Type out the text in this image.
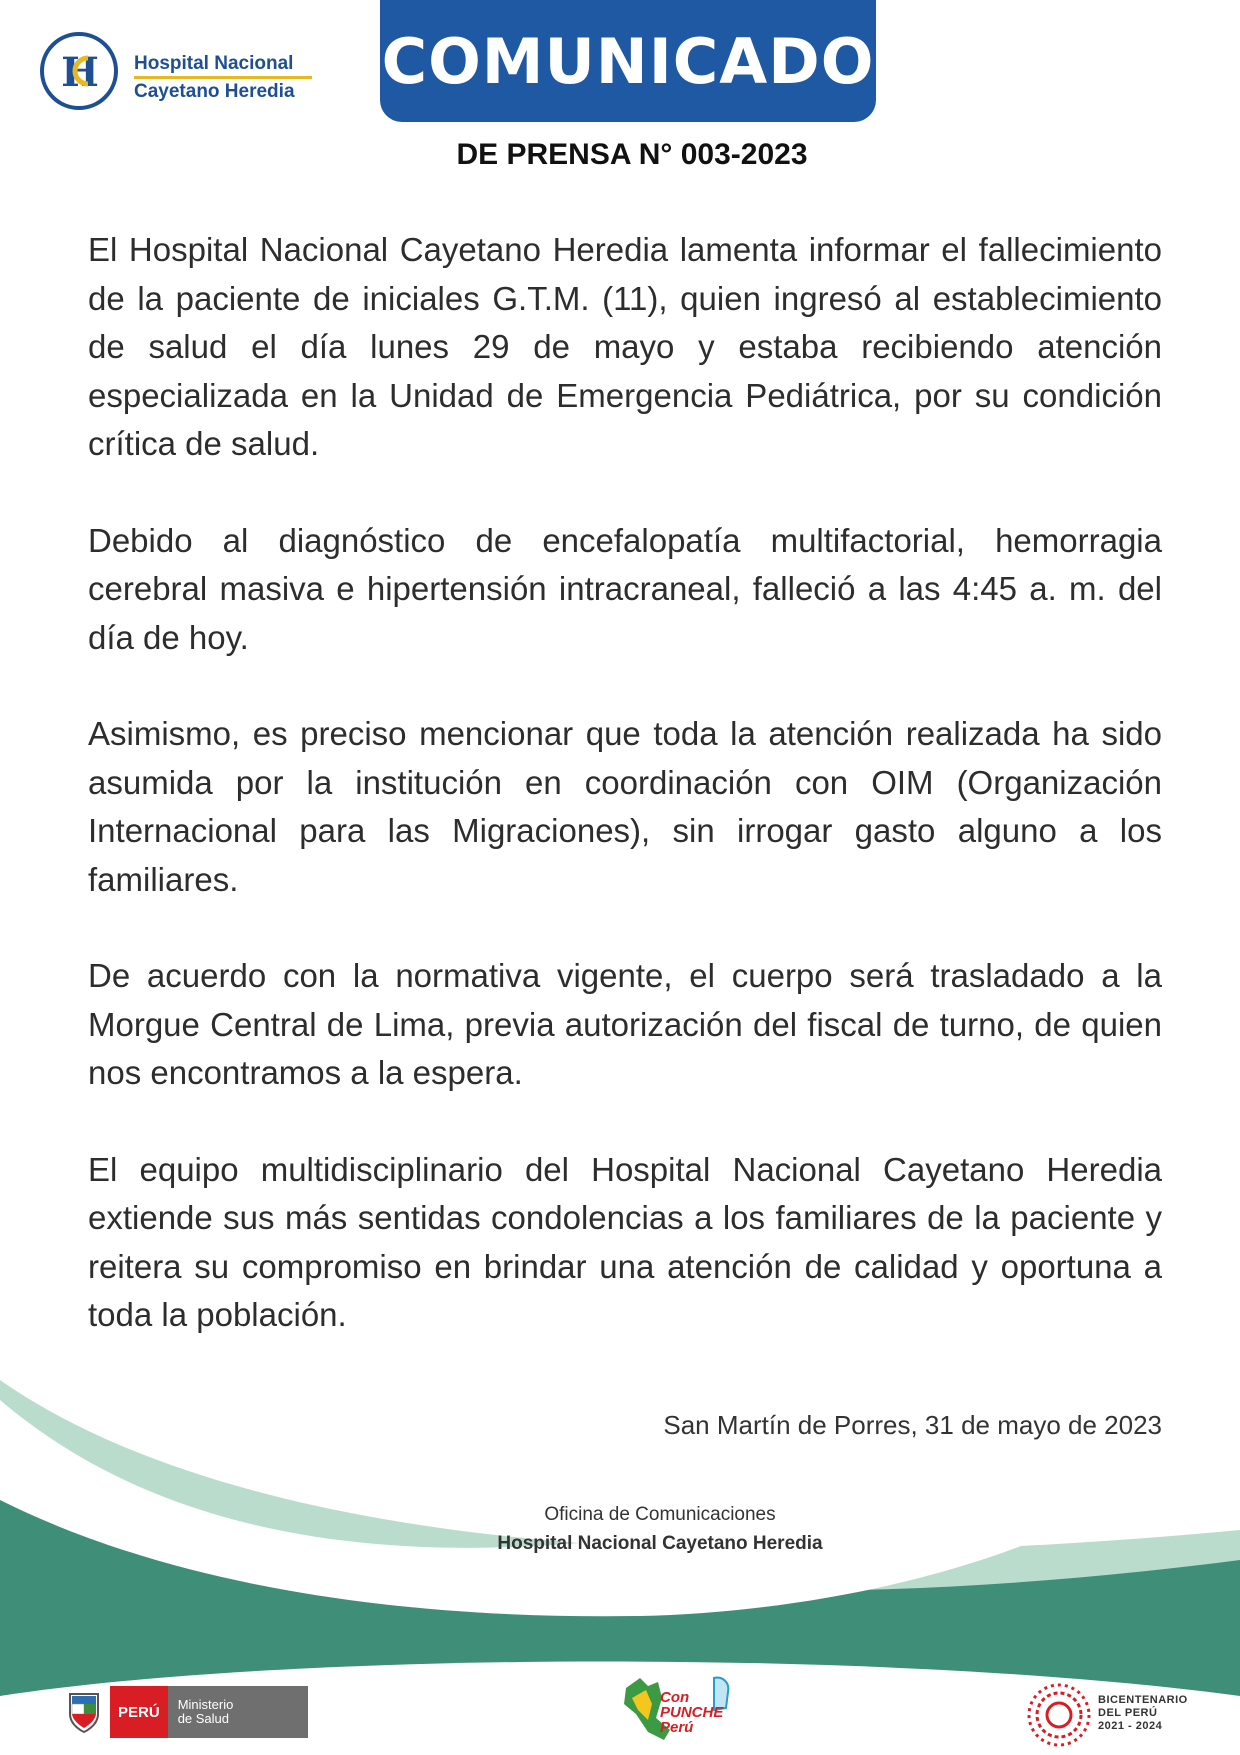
H Hospital Nacional
Cayetano Heredia COMUNICADO
DE PRENSA N° 003-2023

El Hospital Nacional Cayetano Heredia lamenta informar el fallecimiento de la paciente de iniciales G.T.M. (11), quien ingresó al establecimiento de salud el día lunes 29 de mayo y estaba recibiendo atención especializada en la Unidad de Emergencia Pediátrica, por su condición crítica de salud.

Debido al diagnóstico de encefalopatía multifactorial, hemorragia cerebral masiva e hipertensión intracraneal, falleció a las 4:45 a. m. del día de hoy.

Asimismo, es preciso mencionar que toda la atención realizada ha sido asumida por la institución en coordinación con OIM (Organización Internacional para las Migraciones), sin irrogar gasto alguno a los familiares.

De acuerdo con la normativa vigente, el cuerpo será trasladado a la Morgue Central de Lima, previa autorización del fiscal de turno, de quien nos encontramos a la espera.

El equipo multidisciplinario del Hospital Nacional Cayetano Heredia extiende sus más sentidas condolencias a los familiares de la paciente y reitera su compromiso en brindar una atención de calidad y oportuna a toda la población.

San Martín de Porres, 31 de mayo de 2023
Oficina de Comunicaciones
Hospital Nacional Cayetano Heredia
PERÚ	Ministerio
de Salud
Con
PUNCHE
Perú
BICENTENARIO
DEL PERÚ
2021 - 2024
